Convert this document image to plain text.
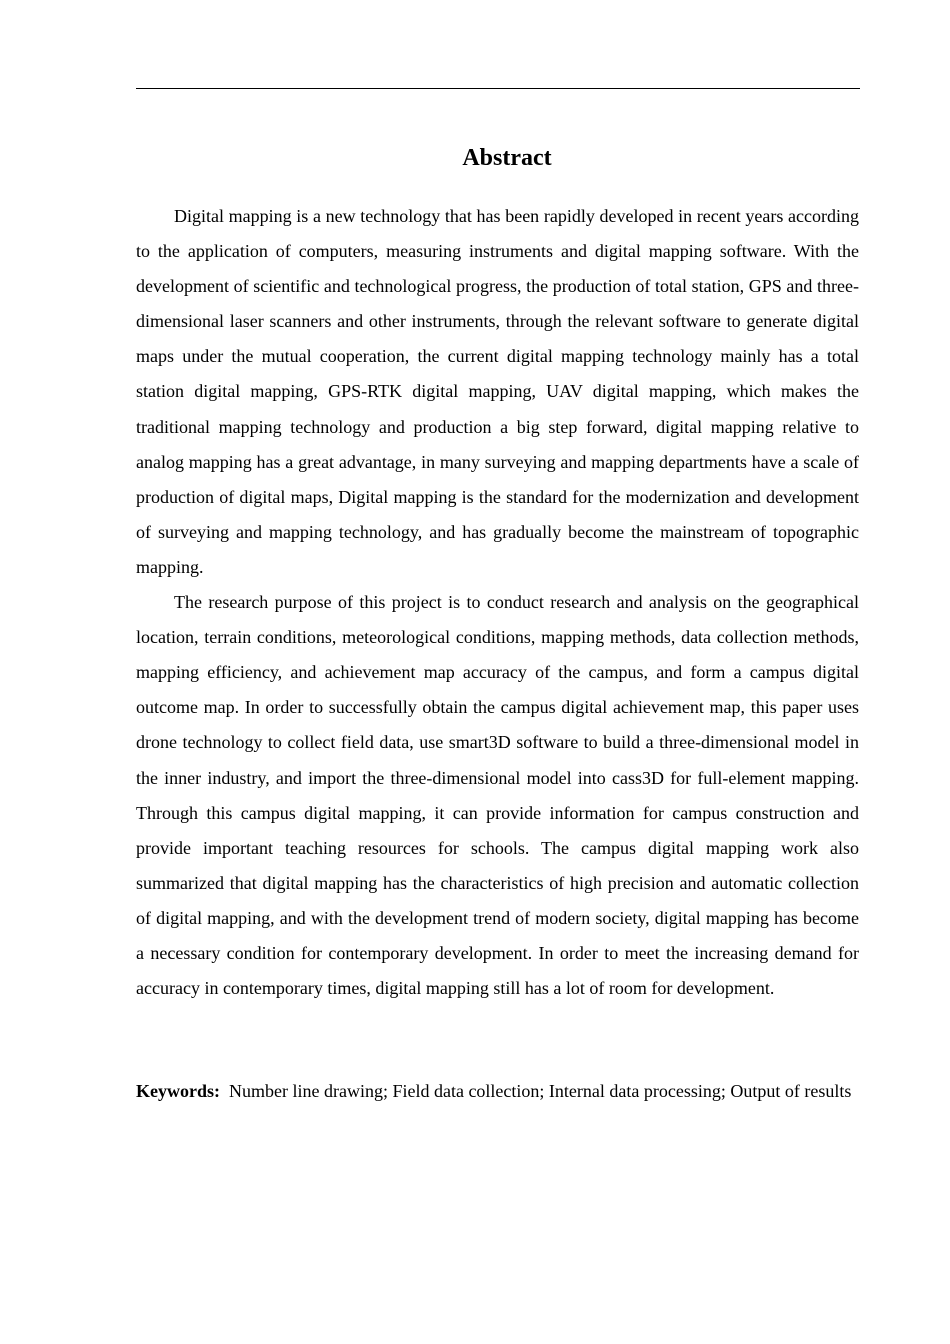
Abstract

Digital mapping is a new technology that has been rapidly developed in recent years according to the application of computers, measuring instruments and digital mapping software. With the development of scientific and technological progress, the production of total station, GPS and three-dimensional laser scanners and other instruments, through the relevant software to generate digital maps under the mutual cooperation, the current digital mapping technology mainly has a total station digital mapping, GPS-RTK digital mapping, UAV digital mapping, which makes the traditional mapping technology and production a big step forward, digital mapping relative to analog mapping has a great advantage, in many surveying and mapping departments have a scale of production of digital maps, Digital mapping is the standard for the modernization and development of surveying and mapping technology, and has gradually become the mainstream of topographic mapping.

The research purpose of this project is to conduct research and analysis on the geographical location, terrain conditions, meteorological conditions, mapping methods, data collection methods, mapping efficiency, and achievement map accuracy of the campus, and form a campus digital outcome map. In order to successfully obtain the campus digital achievement map, this paper uses drone technology to collect field data, use smart3D software to build a three-dimensional model in the inner industry, and import the three-dimensional model into cass3D for full-element mapping. Through this campus digital mapping, it can provide information for campus construction and provide important teaching resources for schools. The campus digital mapping work also summarized that digital mapping has the characteristics of high precision and automatic collection of digital mapping, and with the development trend of modern society, digital mapping has become a necessary condition for contemporary development. In order to meet the increasing demand for accuracy in contemporary times, digital mapping still has a lot of room for development.

Keywords: Number line drawing; Field data collection; Internal data processing; Output of results
